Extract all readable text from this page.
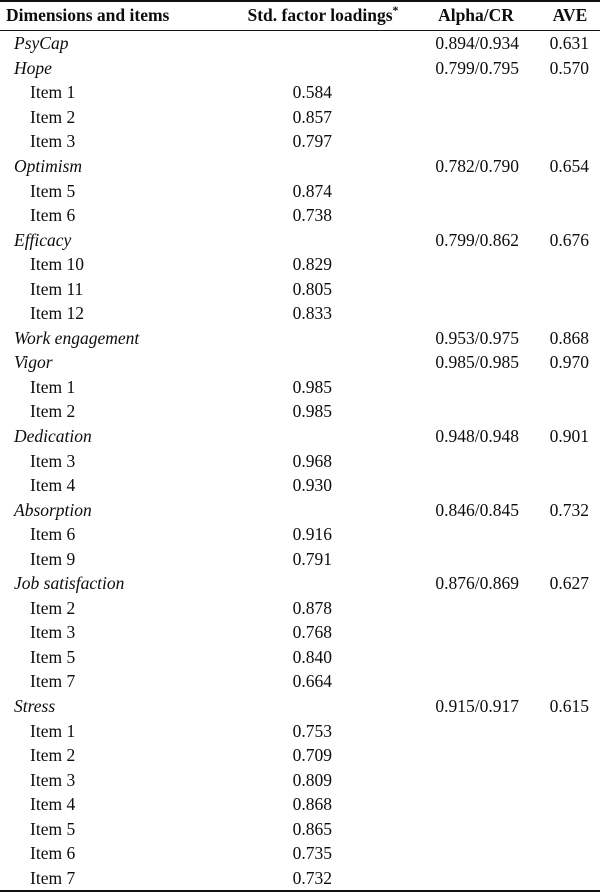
Dimensions and items	Std. factor loadings*	Alpha/CR	AVE
PsyCap		0.894/0.934	0.631
Hope		0.799/0.795	0.570
Item 1	0.584		
Item 2	0.857		
Item 3	0.797		
Optimism		0.782/0.790	0.654
Item 5	0.874		
Item 6	0.738		
Efficacy		0.799/0.862	0.676
Item 10	0.829		
Item 11	0.805		
Item 12	0.833		
Work engagement		0.953/0.975	0.868
Vigor		0.985/0.985	0.970
Item 1	0.985		
Item 2	0.985		
Dedication		0.948/0.948	0.901
Item 3	0.968		
Item 4	0.930		
Absorption		0.846/0.845	0.732
Item 6	0.916		
Item 9	0.791		
Job satisfaction		0.876/0.869	0.627
Item 2	0.878		
Item 3	0.768		
Item 5	0.840		
Item 7	0.664		
Stress		0.915/0.917	0.615
Item 1	0.753		
Item 2	0.709		
Item 3	0.809		
Item 4	0.868		
Item 5	0.865		
Item 6	0.735		
Item 7	0.732		
